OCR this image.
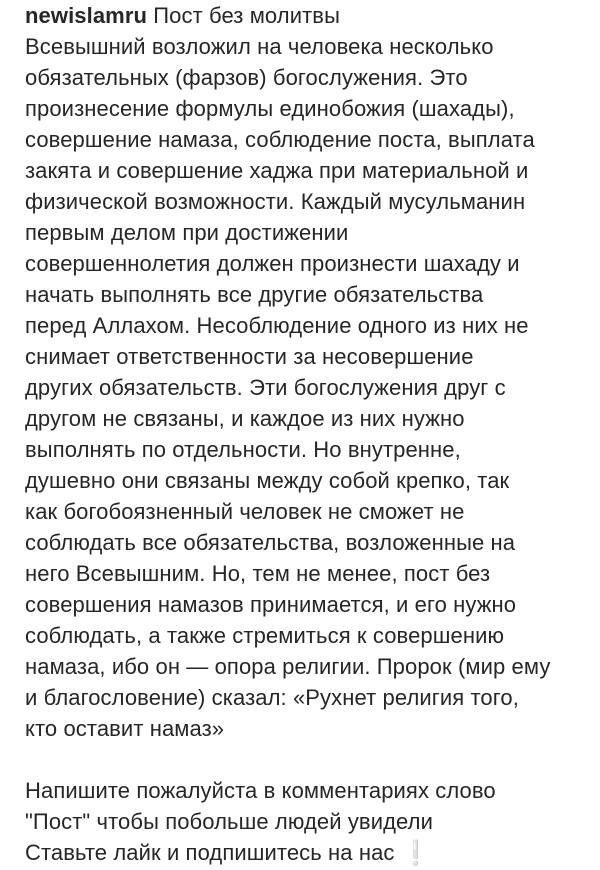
newislamru Пост без молитвы
Всевышний возложил на человека несколько
обязательных (фарзов) богослужения. Это
произнесение формулы единобожия (шахады),
совершение намаза, соблюдение поста, выплата
закята и совершение хаджа при материальной и
физической возможности. Каждый мусульманин
первым делом при достижении
совершеннолетия должен произнести шахаду и
начать выполнять все другие обязательства
перед Аллахом. Несоблюдение одного из них не
снимает ответственности за несовершение
других обязательств. Эти богослужения друг с
другом не связаны, и каждое из них нужно
выполнять по отдельности. Но внутренне,
душевно они связаны между собой крепко, так
как богобоязненный человек не сможет не
соблюдать все обязательства, возложенные на
него Всевышним. Но, тем не менее, пост без
совершения намазов принимается, и его нужно
соблюдать, а также стремиться к совершению
намаза, ибо он — опора религии. Пророк (мир ему
и благословение) сказал: «Рухнет религия того,
кто оставит намаз»
Напишите пожалуйста в комментариях слово
"Пост" чтобы побольше людей увидели
Ставьте лайк и подпишитесь на нас ❕
